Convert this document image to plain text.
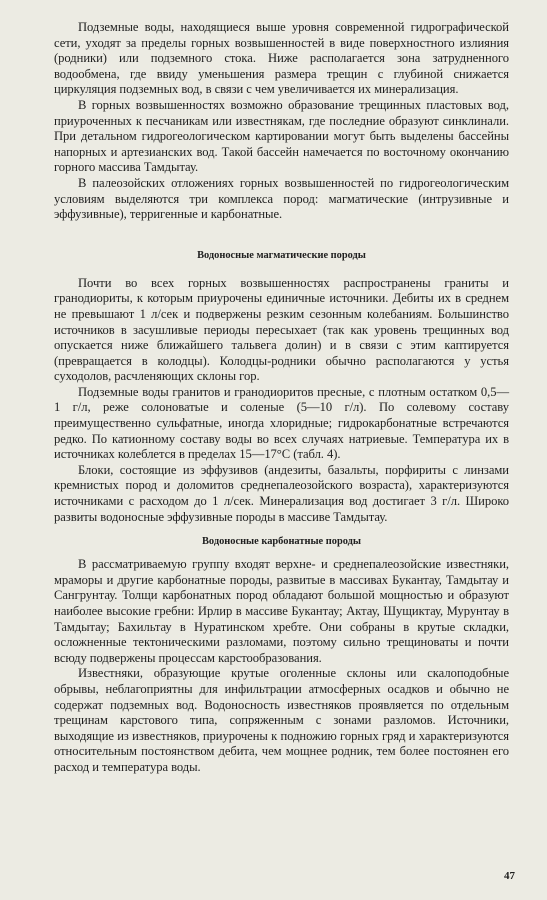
Подземные воды, находящиеся выше уровня современной гидрографической сети, уходят за пределы горных возвышенностей в виде поверхностного излияния (родники) или подземного стока. Ниже располагается зона затрудненного водообмена, где ввиду уменьшения размера трещин с глубиной снижается циркуляция подземных вод, в связи с чем увеличивается их минерализация.

В горных возвышенностях возможно образование трещинных пластовых вод, приуроченных к песчаникам или известнякам, где последние образуют синклинали. При детальном гидрогеологическом картировании могут быть выделены бассейны напорных и артезианских вод. Такой бассейн намечается по восточному окончанию горного массива Тамдытау.

В палеозойских отложениях горных возвышенностей по гидрогеологическим условиям выделяются три комплекса пород: магматические (интрузивные и эффузивные), терригенные и карбонатные.

Водоносные магматические породы

Почти во всех горных возвышенностях распространены граниты и гранодиориты, к которым приурочены единичные источники. Дебиты их в среднем не превышают 1 л/сек и подвержены резким сезонным колебаниям. Большинство источников в засушливые периоды пересыхает (так как уровень трещинных вод опускается ниже ближайшего тальвега долин) и в связи с этим каптируется (превращается в колодцы). Колодцы-родники обычно располагаются у устья суходолов, расчленяющих склоны гор.

Подземные воды гранитов и гранодиоритов пресные, с плотным остатком 0,5—1 г/л, реже солоноватые и соленые (5—10 г/л). По солевому составу преимущественно сульфатные, иногда хлоридные; гидрокарбонатные встречаются редко. По катионному составу воды во всех случаях натриевые. Температура их в источниках колеблется в пределах 15—17°С (табл. 4).

Блоки, состоящие из эффузивов (андезиты, базальты, порфириты с линзами кремнистых пород и доломитов среднепалеозойского возраста), характеризуются источниками с расходом до 1 л/сек. Минерализация вод достигает 3 г/л. Широко развиты водоносные эффузивные породы в массиве Тамдытау.

Водоносные карбонатные породы

В рассматриваемую группу входят верхне- и среднепалеозойские известняки, мраморы и другие карбонатные породы, развитые в массивах Букантау, Тамдытау и Сангрунтау. Толщи карбонатных пород обладают большой мощностью и образуют наиболее высокие гребни: Ирлир в массиве Букантау; Актау, Шущиктау, Мурунтау в Тамдытау; Бахильтау в Нуратинском хребте. Они собраны в крутые складки, осложненные тектоническими разломами, поэтому сильно трещиноваты и почти всюду подвержены процессам карстообразования.

Известняки, образующие крутые оголенные склоны или скалоподобные обрывы, неблагоприятны для инфильтрации атмосферных осадков и обычно не содержат подземных вод. Водоносность известняков проявляется по отдельным трещинам карстового типа, сопряженным с зонами разломов. Источники, выходящие из известняков, приурочены к подножию горных гряд и характеризуются относительным постоянством дебита, чем мощнее родник, тем более постоянен его расход и температура воды.

47
